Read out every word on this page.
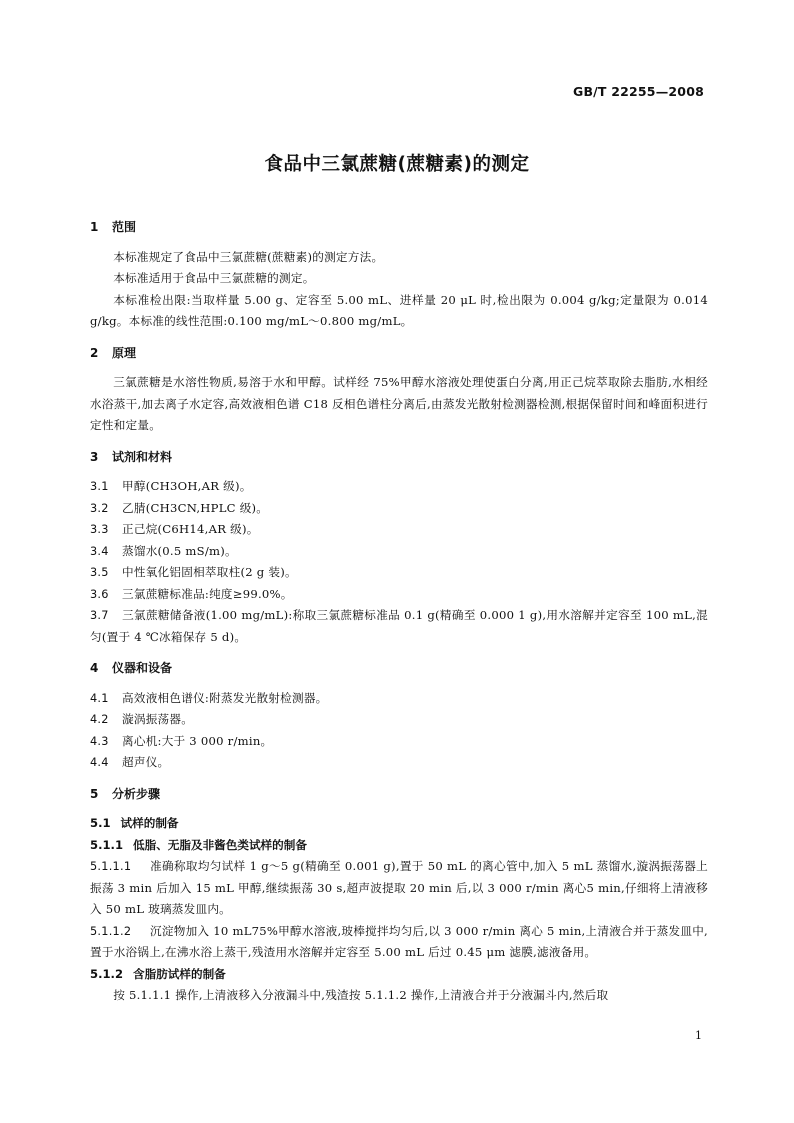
GB/T 22255—2008
食品中三氯蔗糖(蔗糖素)的测定
1 范围

本标准规定了食品中三氯蔗糖(蔗糖素)的测定方法。

本标准适用于食品中三氯蔗糖的测定。

本标准检出限:当取样量 5.00 g、定容至 5.00 mL、进样量 20 μL 时,检出限为 0.004 g/kg;定量限为 0.014 g/kg。本标准的线性范围:0.100 mg/mL～0.800 mg/mL。

2 原理

三氯蔗糖是水溶性物质,易溶于水和甲醇。试样经 75%甲醇水溶液处理使蛋白分离,用正己烷萃取除去脂肪,水相经水浴蒸干,加去离子水定容,高效液相色谱 C18 反相色谱柱分离后,由蒸发光散射检测器检测,根据保留时间和峰面积进行定性和定量。

3 试剂和材料
3.1 甲醇(CH3OH,AR 级)。
3.2 乙腈(CH3CN,HPLC 级)。
3.3 正己烷(C6H14,AR 级)。
3.4 蒸馏水(0.5 mS/m)。
3.5 中性氧化铝固相萃取柱(2 g 装)。
3.6 三氯蔗糖标准品:纯度≥99.0%。
3.7 三氯蔗糖储备液(1.00 mg/mL):称取三氯蔗糖标准品 0.1 g(精确至 0.000 1 g),用水溶解并定容至 100 mL,混匀(置于 4 ℃冰箱保存 5 d)。
4 仪器和设备
4.1 高效液相色谱仪:附蒸发光散射检测器。
4.2 漩涡振荡器。
4.3 离心机:大于 3 000 r/min。
4.4 超声仪。
5 分析步骤
5.1 试样的制备
5.1.1 低脂、无脂及非酱色类试样的制备
5.1.1.1 准确称取均匀试样 1 g～5 g(精确至 0.001 g),置于 50 mL 的离心管中,加入 5 mL 蒸馏水,漩涡振荡器上振荡 3 min 后加入 15 mL 甲醇,继续振荡 30 s,超声波提取 20 min 后,以 3 000 r/min 离心5 min,仔细将上清液移入 50 mL 玻璃蒸发皿内。
5.1.1.2 沉淀物加入 10 mL75%甲醇水溶液,玻棒搅拌均匀后,以 3 000 r/min 离心 5 min,上清液合并于蒸发皿中,置于水浴锅上,在沸水浴上蒸干,残渣用水溶解并定容至 5.00 mL 后过 0.45 μm 滤膜,滤液备用。
5.1.2 含脂肪试样的制备

按 5.1.1.1 操作,上清液移入分液漏斗中,残渣按 5.1.1.2 操作,上清液合并于分液漏斗内,然后取

1
